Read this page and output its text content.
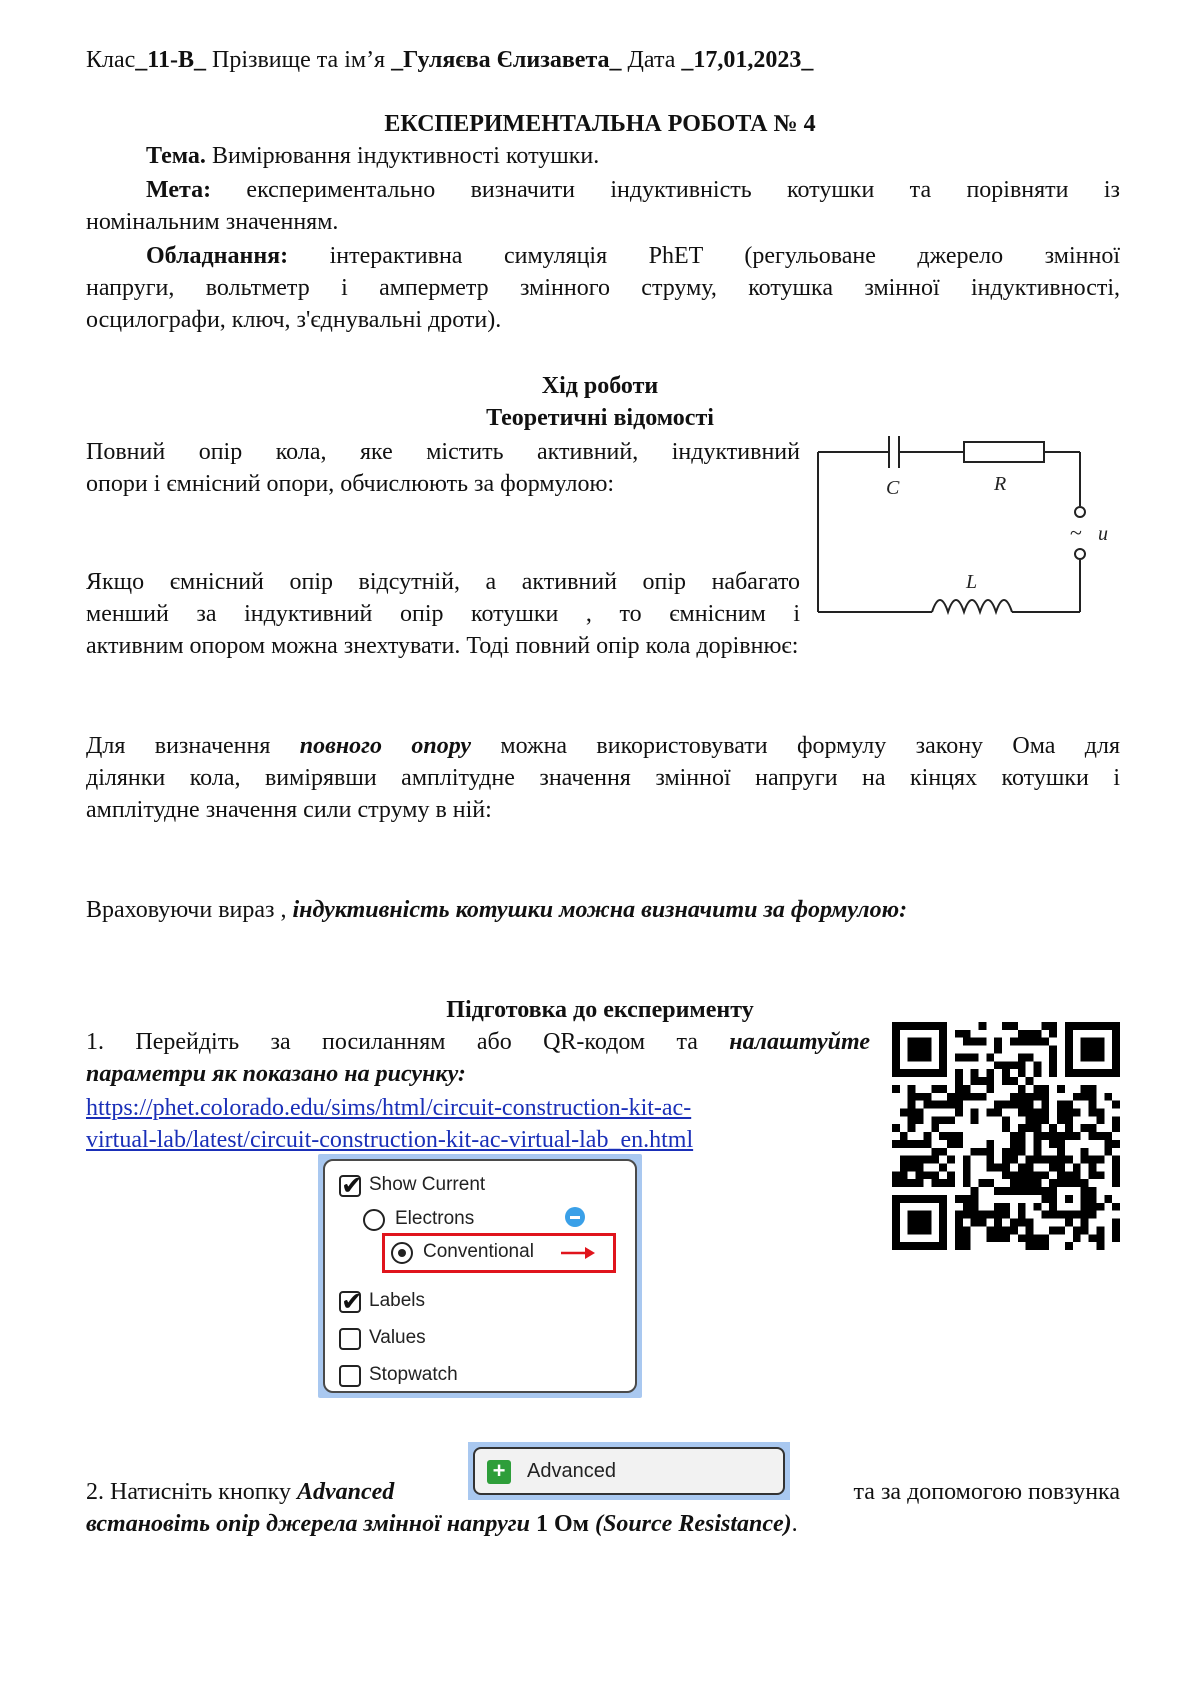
Клас_11-В_ Прізвище та ім’я _Гуляєва Єлизавета_ Дата _17,01,2023_
ЕКСПЕРИМЕНТАЛЬНА РОБОТА № 4
Тема. Вимірювання індуктивності котушки.
Мета: експериментально визначити індуктивність котушки та порівняти із
номінальним значенням.
Обладнання: інтерактивна симуляція PhET (регульоване джерело змінної
напруги, вольтметр і амперметр змінного струму, котушка змінної індуктивності,
осцилографи, ключ, з'єднувальні дроти).
Хід роботи
Теоретичні відомості
Повний опір кола, яке містить активний, індуктивний
опори і ємнісний опори, обчислюють за формулою:	C	R
~ u
L
Якщо ємнісний опір відсутній, а активний опір набагато
менший за індуктивний опір котушки , то ємнісним і
активним опором можна знехтувати. Тоді повний опір кола дорівнює:
Для визначення повного опору можна використовувати формулу закону Ома для
ділянки кола, вимірявши амплітудне значення змінної напруги на кінцях котушки і
амплітудне значення сили струму в ній:
Враховуючи вираз , індуктивність котушки можна визначити за формулою:
Підготовка до експерименту
1. Перейдіть за посиланням або QR-кодом та налаштуйте
параметри як показано на рисунку:
https://phet.colorado.edu/sims/html/circuit-construction-kit-ac-
virtual-lab/latest/circuit-construction-kit-ac-virtual-lab_en.html
✔ Show Current
Electrons
Conventional
✔ Labels
Values
Stopwatch
+ Advanced
2. Натисніть кнопку Advanced	та за допомогою повзунка
встановіть опір джерела змінної напруги 1 Ом (Source Resistance).
